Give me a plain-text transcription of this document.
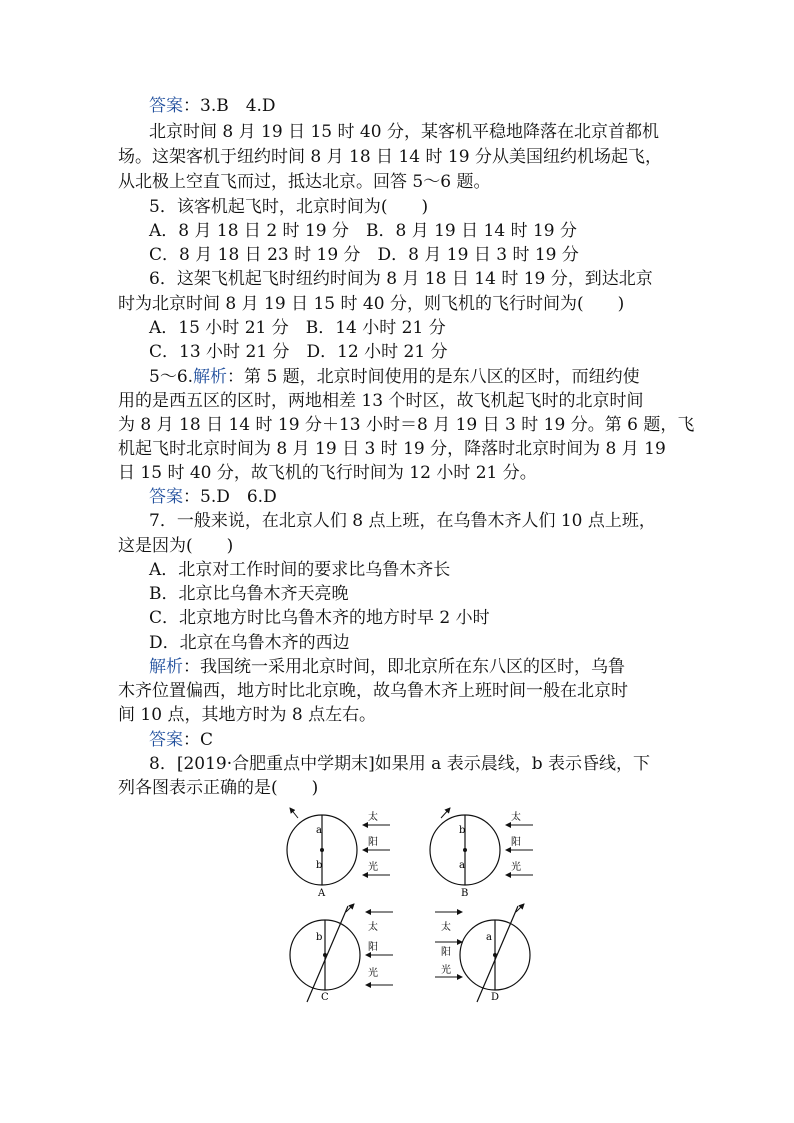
答案：3.B　4.D
北京时间 8 月 19 日 15 时 40 分，某客机平稳地降落在北京首都机
场。这架客机于纽约时间 8 月 18 日 14 时 19 分从美国纽约机场起飞，
从北极上空直飞而过，抵达北京。回答 5～6 题。
5．该客机起飞时，北京时间为(　　)
A．8 月 18 日 2 时 19 分　B．8 月 19 日 14 时 19 分
C．8 月 18 日 23 时 19 分　D．8 月 19 日 3 时 19 分
6．这架飞机起飞时纽约时间为 8 月 18 日 14 时 19 分，到达北京
时为北京时间 8 月 19 日 15 时 40 分，则飞机的飞行时间为(　　)
A．15 小时 21 分　B．14 小时 21 分
C．13 小时 21 分　D．12 小时 21 分
5～6.解析：第 5 题，北京时间使用的是东八区的区时，而纽约使
用的是西五区的区时，两地相差 13 个时区，故飞机起飞时的北京时间
为 8 月 18 日 14 时 19 分＋13 小时＝8 月 19 日 3 时 19 分。第 6 题，飞
机起飞时北京时间为 8 月 19 日 3 时 19 分，降落时北京时间为 8 月 19
日 15 时 40 分，故飞机的飞行时间为 12 小时 21 分。
答案：5.D　6.D
7．一般来说，在北京人们 8 点上班，在乌鲁木齐人们 10 点上班，
这是因为(　　)
A．北京对工作时间的要求比乌鲁木齐长
B．北京比乌鲁木齐天亮晚
C．北京地方时比乌鲁木齐的地方时早 2 小时
D．北京在乌鲁木齐的西边
解析：我国统一采用北京时间，即北京所在东八区的区时，乌鲁
木齐位置偏西，地方时比北京晚，故乌鲁木齐上班时间一般在北京时
间 10 点，其地方时为 8 点左右。
答案：C
8．[2019·合肥重点中学期末]如果用 a 表示晨线，b 表示昏线，下
列各图表示正确的是(　　)
a
b
太
阳
光
A
b
a
太
阳
光
B
b
太
阳
光
C
太
阳
光
a
D
